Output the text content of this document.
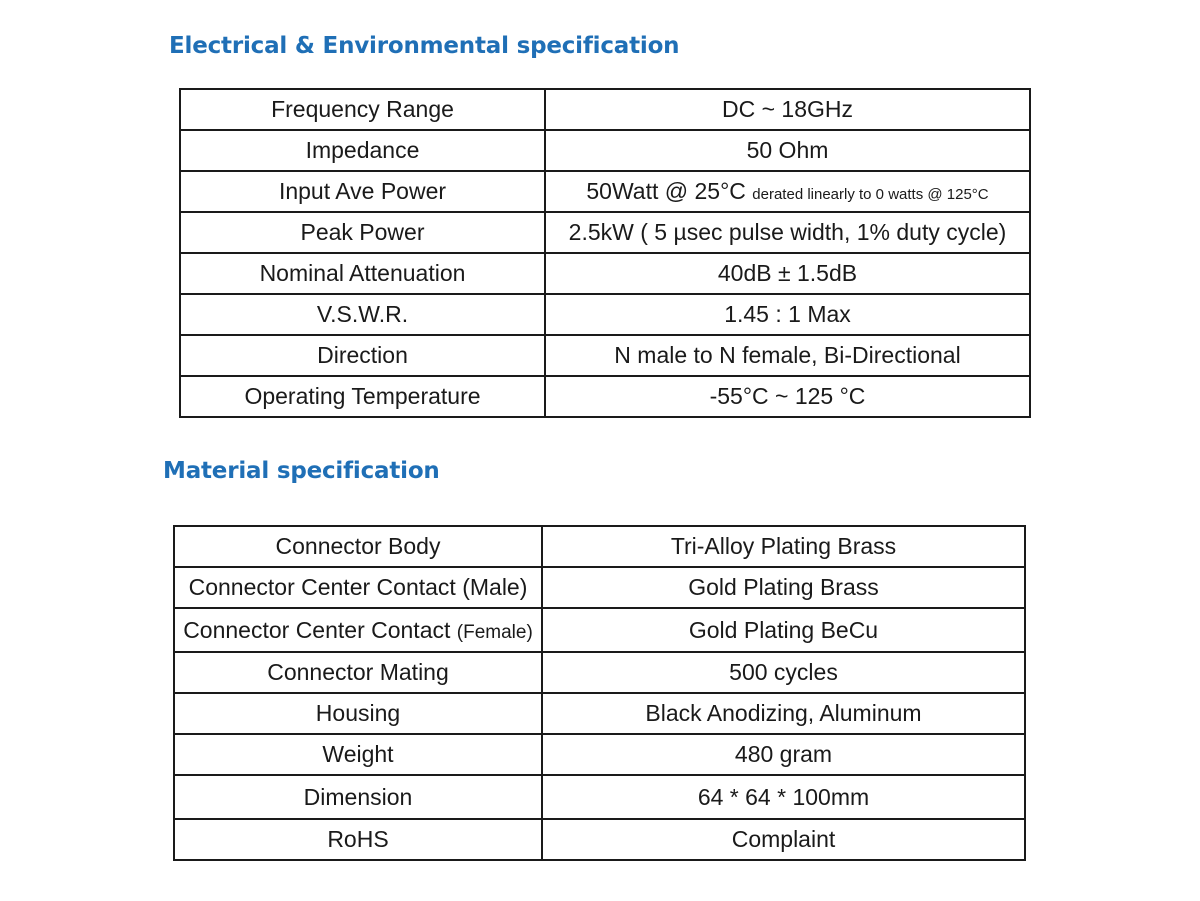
Electrical & Environmental specification
Frequency Range	DC ~ 18GHz
Impedance	50 Ohm
Input Ave Power	50Watt @ 25°C derated linearly to 0 watts @ 125°C
Peak Power	2.5kW ( 5 µsec pulse width, 1% duty cycle)
Nominal Attenuation	40dB ± 1.5dB
V.S.W.R.	1.45 : 1 Max
Direction	N male to N female, Bi-Directional
Operating Temperature	-55°C ~ 125 °C
Material specification
Connector Body	Tri-Alloy Plating Brass
Connector Center Contact (Male)	Gold Plating Brass
Connector Center Contact (Female)	Gold Plating BeCu
Connector Mating	500 cycles
Housing	Black Anodizing, Aluminum
Weight	480 gram
Dimension	64 * 64 * 100mm
RoHS	Complaint
